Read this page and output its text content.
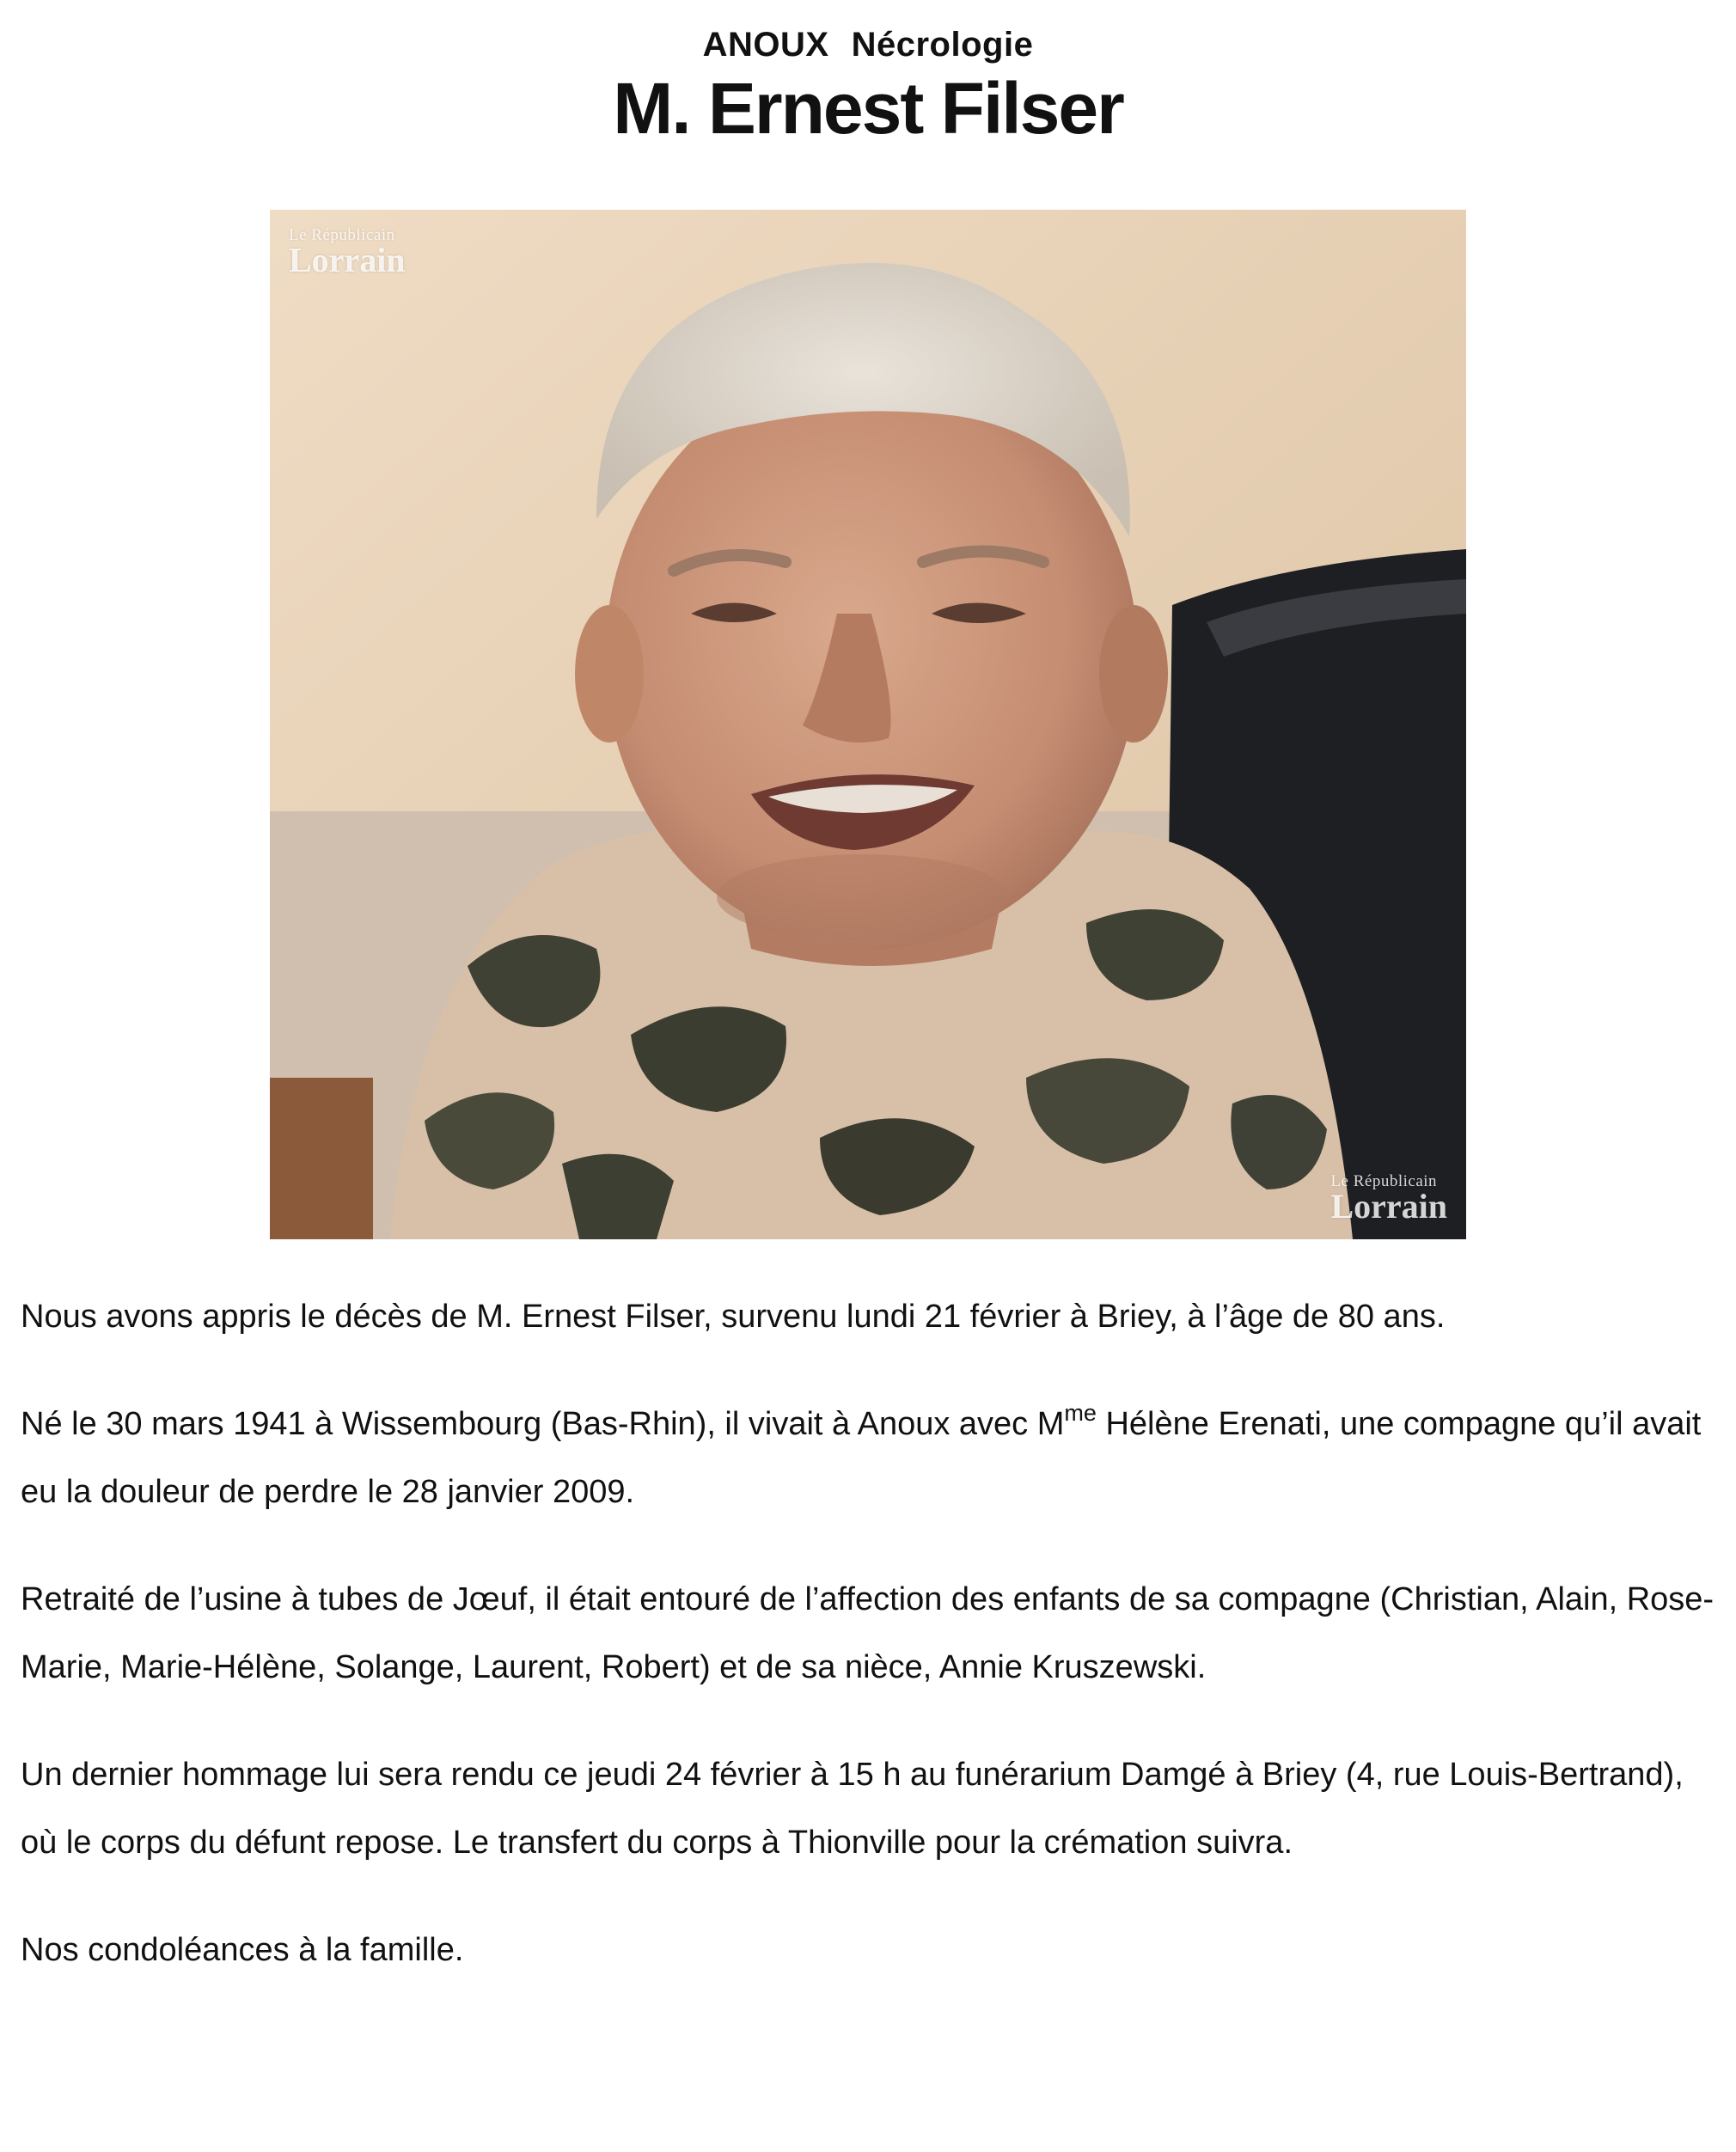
ANOUX Nécrologie
M. Ernest Filser
Le Républicain
Lorrain
Le Républicain
Lorrain

Nous avons appris le décès de M. Ernest Filser, survenu lundi 21 février à Briey, à l’âge de 80 ans.

Né le 30 mars 1941 à Wissembourg (Bas-Rhin), il vivait à Anoux avec $M^{me}$ Hélène Erenati, une compagne qu’il avait eu la douleur de perdre le 28 janvier 2009.

Retraité de l’usine à tubes de Jœuf, il était entouré de l’affection des enfants de sa compagne (Christian, Alain, Rose-Marie, Marie-Hélène, Solange, Laurent, Robert) et de sa nièce, Annie Kruszewski.

Un dernier hommage lui sera rendu ce jeudi 24 février à 15 h au funérarium Damgé à Briey (4, rue Louis-Bertrand), où le corps du défunt repose. Le transfert du corps à Thionville pour la crémation suivra.

Nos condoléances à la famille.
